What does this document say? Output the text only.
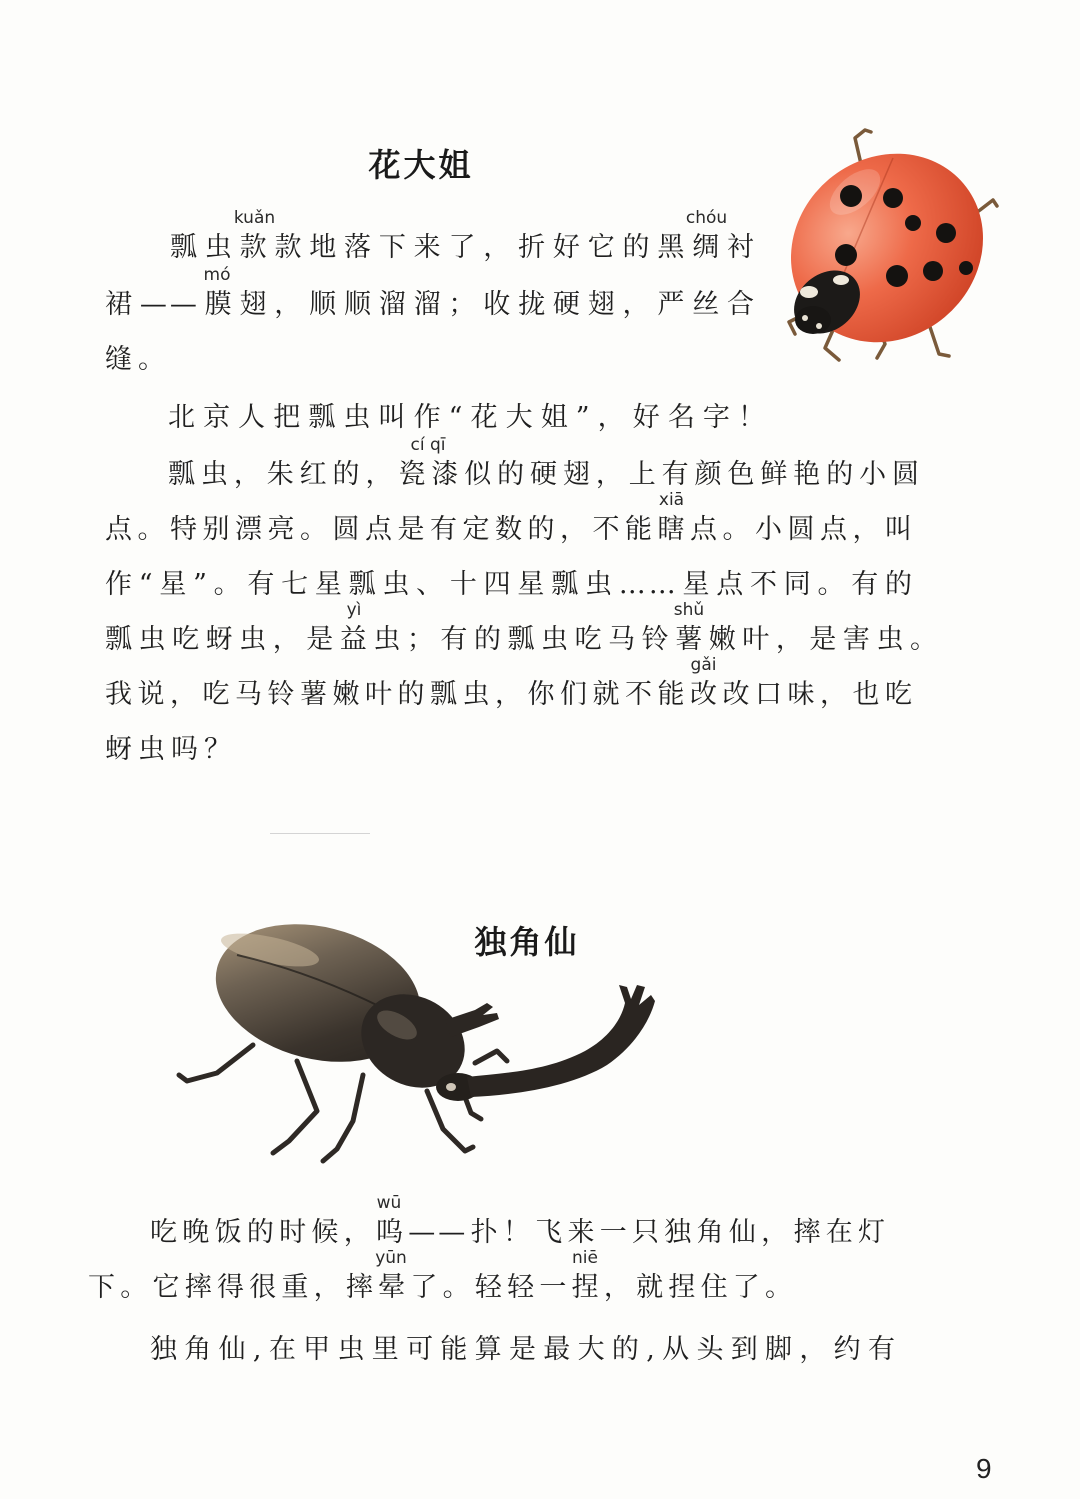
花大姐
瓢虫款
kuǎn
款地落下来了，折好它的黑绸
chóu
衬
裙——膜
mó
翅，顺顺溜溜；收拢硬翅，严丝合
缝。
北京人把瓢虫叫作“花大姐”，好名字！
瓢虫，朱红的，瓷漆
cí qī
似的硬翅，上有颜色鲜艳的小圆
点。特别漂亮。圆点是有定数的，不能瞎
xiā
点。小圆点，叫
作“星”。有七星瓢虫、十四星瓢虫……星点不同。有的
瓢虫吃蚜虫，是益
yì
虫；有的瓢虫吃马铃薯
shǔ
嫩叶，是害虫。
我说，吃马铃薯嫩叶的瓢虫，你们就不能改
gǎi
改口味，也吃
蚜虫吗？
独角仙
吃晚饭的时候，呜
wū
——扑！飞来一只独角仙，摔在灯
下。它摔得很重，摔晕
yūn
了。轻轻一捏
niē
，就捏住了。
独角仙,在甲虫里可能算是最大的,从头到脚，约有
9
